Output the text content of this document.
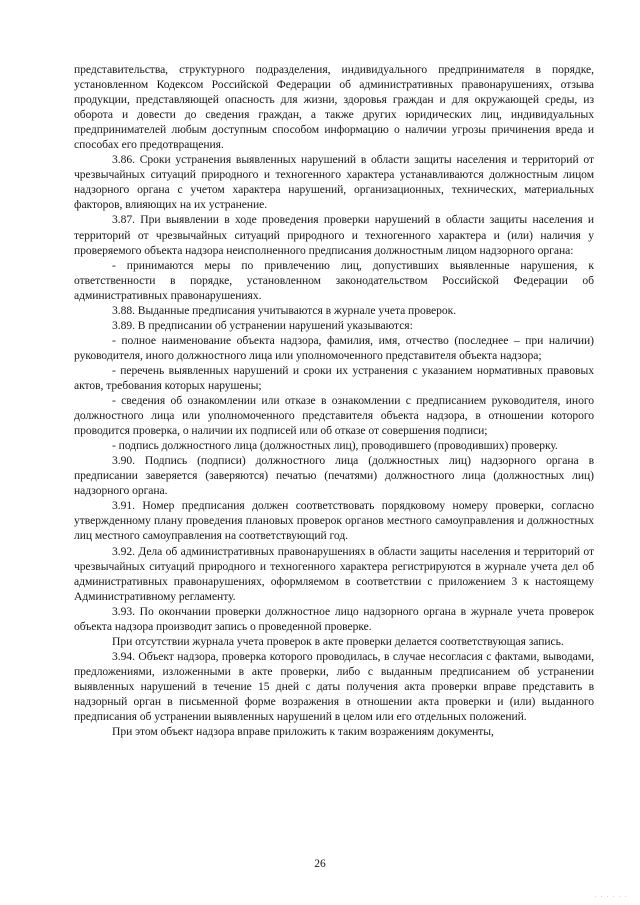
представительства, структурного подразделения, индивидуального предпринимателя в порядке, установленном Кодексом Российской Федерации об административных правонарушениях, отзыва продукции, представляющей опасность для жизни, здоровья граждан и для окружающей среды, из оборота и довести до сведения граждан, а также других юридических лиц, индивидуальных предпринимателей любым доступным способом информацию о наличии угрозы причинения вреда и способах его предотвращения.

3.86. Сроки устранения выявленных нарушений в области защиты населения и территорий от чрезвычайных ситуаций природного и техногенного характера устанавливаются должностным лицом надзорного органа с учетом характера нарушений, организационных, технических, материальных факторов, влияющих на их устранение.

3.87. При выявлении в ходе проведения проверки нарушений в области защиты населения и территорий от чрезвычайных ситуаций природного и техногенного характера и (или) наличия у проверяемого объекта надзора неисполненного предписания должностным лицом надзорного органа:

- принимаются меры по привлечению лиц, допустивших выявленные нарушения, к ответственности в порядке, установленном законодательством Российской Федерации об административных правонарушениях.

3.88. Выданные предписания учитываются в журнале учета проверок.

3.89. В предписании об устранении нарушений указываются:

- полное наименование объекта надзора, фамилия, имя, отчество (последнее – при наличии) руководителя, иного должностного лица или уполномоченного представителя объекта надзора;

- перечень выявленных нарушений и сроки их устранения с указанием нормативных правовых актов, требования которых нарушены;

- сведения об ознакомлении или отказе в ознакомлении с предписанием руководителя, иного должностного лица или уполномоченного представителя объекта надзора, в отношении которого проводится проверка, о наличии их подписей или об отказе от совершения подписи;

- подпись должностного лица (должностных лиц), проводившего (проводивших) проверку.

3.90. Подпись (подписи) должностного лица (должностных лиц) надзорного органа в предписании заверяется (заверяются) печатью (печатями) должностного лица (должностных лиц) надзорного органа.

3.91. Номер предписания должен соответствовать порядковому номеру проверки, согласно утвержденному плану проведения плановых проверок органов местного самоуправления и должностных лиц местного самоуправления на соответствующий год.

3.92. Дела об административных правонарушениях в области защиты населения и территорий от чрезвычайных ситуаций природного и техногенного характера регистрируются в журнале учета дел об административных правонарушениях, оформляемом в соответствии с приложением 3 к настоящему Административному регламенту.

3.93. По окончании проверки должностное лицо надзорного органа в журнале учета проверок объекта надзора производит запись о проведенной проверке.

При отсутствии журнала учета проверок в акте проверки делается соответствующая запись.

3.94. Объект надзора, проверка которого проводилась, в случае несогласия с фактами, выводами, предложениями, изложенными в акте проверки, либо с выданным предписанием об устранении выявленных нарушений в течение 15 дней с даты получения акта проверки вправе представить в надзорный орган в письменной форме возражения в отношении акта проверки и (или) выданного предписания об устранении выявленных нарушений в целом или его отдельных положений.

При этом объект надзора вправе приложить к таким возражениям документы,

26
· · · · · ·
